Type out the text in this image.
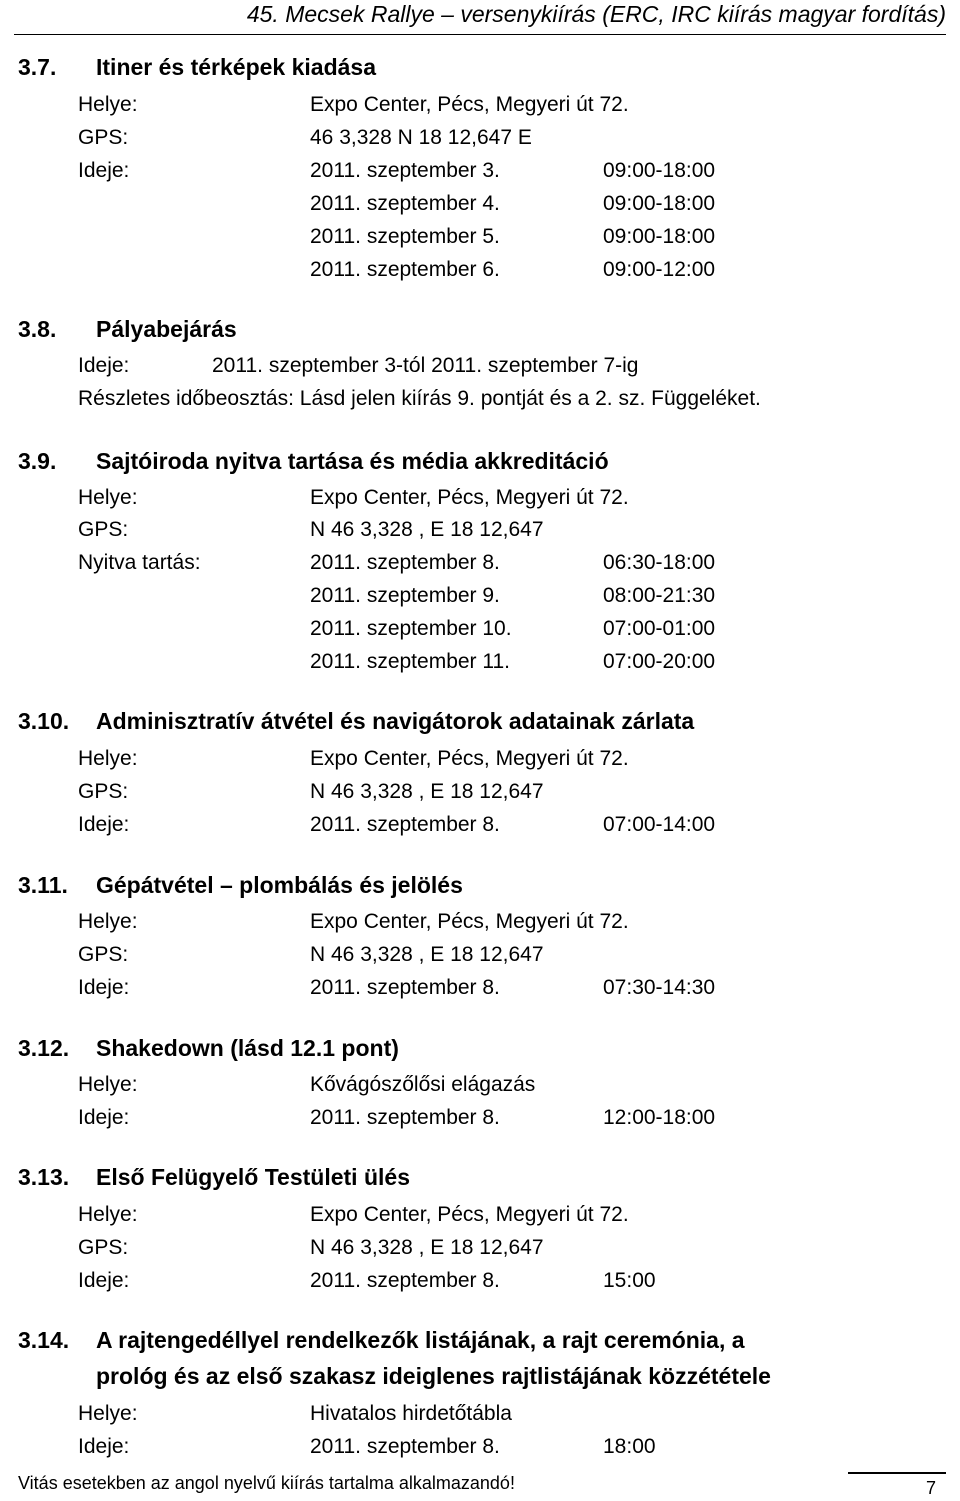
45. Mecsek Rallye – versenykiírás (ERC, IRC kiírás magyar fordítás)
3.7. Itiner és térképek kiadása
Helye:	Expo Center, Pécs, Megyeri út 72.
GPS:	46 3,328 N 18 12,647 E
Ideje:	2011. szeptember 3.	09:00-18:00
2011. szeptember 4.	09:00-18:00
2011. szeptember 5.	09:00-18:00
2011. szeptember 6.	09:00-12:00
3.8. Pályabejárás
Ideje:	2011. szeptember 3-tól 2011. szeptember 7-ig
Részletes időbeosztás: Lásd jelen kiírás 9. pontját és a 2. sz. Függeléket.
3.9. Sajtóiroda nyitva tartása és média akkreditáció
Helye:	Expo Center, Pécs, Megyeri út 72.
GPS:	N 46 3,328 , E 18 12,647
Nyitva tartás:	2011. szeptember 8.	06:30-18:00
2011. szeptember 9.	08:00-21:30
2011. szeptember 10.	07:00-01:00
2011. szeptember 11.	07:00-20:00
3.10. Adminisztratív átvétel és navigátorok adatainak zárlata
Helye:	Expo Center, Pécs, Megyeri út 72.
GPS:	N 46 3,328 , E 18 12,647
Ideje:	2011. szeptember 8.	07:00-14:00
3.11. Gépátvétel – plombálás és jelölés
Helye:	Expo Center, Pécs, Megyeri út 72.
GPS:	N 46 3,328 , E 18 12,647
Ideje:	2011. szeptember 8.	07:30-14:30
3.12. Shakedown (lásd 12.1 pont)
Helye:	Kővágószőlősi elágazás
Ideje:	2011. szeptember 8.	12:00-18:00
3.13. Első Felügyelő Testületi ülés
Helye:	Expo Center, Pécs, Megyeri út 72.
GPS:	N 46 3,328 , E 18 12,647
Ideje:	2011. szeptember 8.	15:00
3.14. A rajtengedéllyel rendelkezők listájának, a rajt ceremónia, a
prológ és az első szakasz ideiglenes rajtlistájának közzététele
Helye:	Hivatalos hirdetőtábla
Ideje:	2011. szeptember 8.	18:00
Vitás esetekben az angol nyelvű kiírás tartalma alkalmazandó!	7
